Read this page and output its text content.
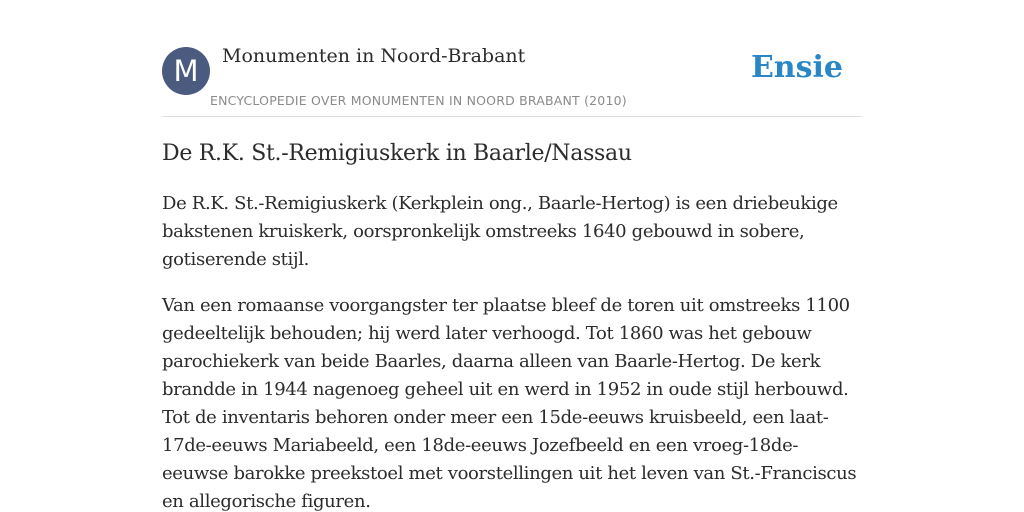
M	Monumenten in Noord-Brabant
ENCYCLOPEDIE OVER MONUMENTEN IN NOORD BRABANT (2010)
Ensie
De R.K. St.-Remigiuskerk in Baarle/Nassau

De R.K. St.-Remigiuskerk (Kerkplein ong., Baarle-Hertog) is een driebeukige bakstenen kruiskerk, oorspronkelijk omstreeks 1640 gebouwd in sobere, gotiserende stijl.

Van een romaanse voorgangster ter plaatse bleef de toren uit omstreeks 1100 gedeeltelijk behouden; hij werd later verhoogd. Tot 1860 was het gebouw parochiekerk van beide Baarles, daarna alleen van Baarle-Hertog. De kerk brandde in 1944 nagenoeg geheel uit en werd in 1952 in oude stijl herbouwd. Tot de inventaris behoren onder meer een 15de-eeuws kruisbeeld, een laat-17de-eeuws Mariabeeld, een 18de-eeuws Jozefbeeld en een vroeg-18de-eeuwse barokke preekstoel met voorstellingen uit het leven van St.-Franciscus en allegorische figuren.
